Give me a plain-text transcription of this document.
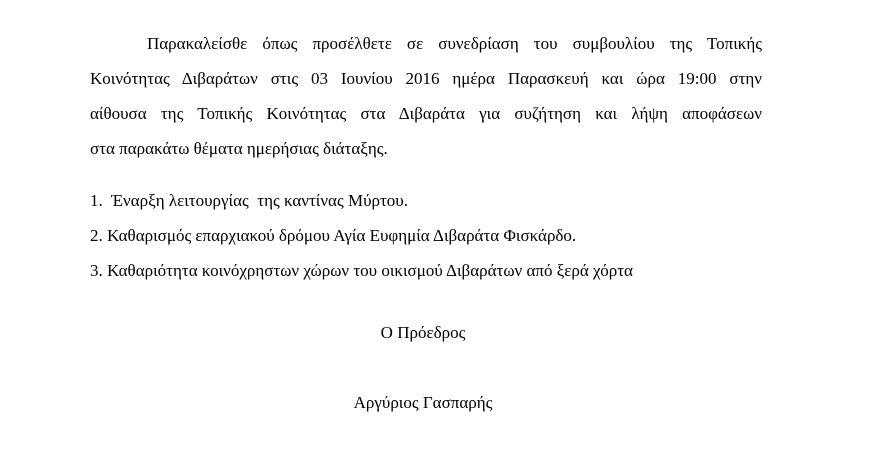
Παρακαλείσθε όπως προσέλθετε σε συνεδρίαση του συμβουλίου της Τοπικής
Κοινότητας Διβαράτων στις 03 Ιουνίου 2016 ημέρα Παρασκευή και ώρα 19:00 στην
αίθουσα της Τοπικής Κοινότητας στα Διβαράτα για συζήτηση και λήψη αποφάσεων
στα παρακάτω θέματα ημερήσιας διάταξης.
1.  Έναρξη λειτουργίας  της καντίνας Μύρτου.
2. Καθαρισμός επαρχιακού δρόμου Αγία Ευφημία Διβαράτα Φισκάρδο.
3. Καθαριότητα κοινόχρηστων χώρων του οικισμού Διβαράτων από ξερά χόρτα
Ο Πρόεδρος
Αργύριος Γασπαρής
